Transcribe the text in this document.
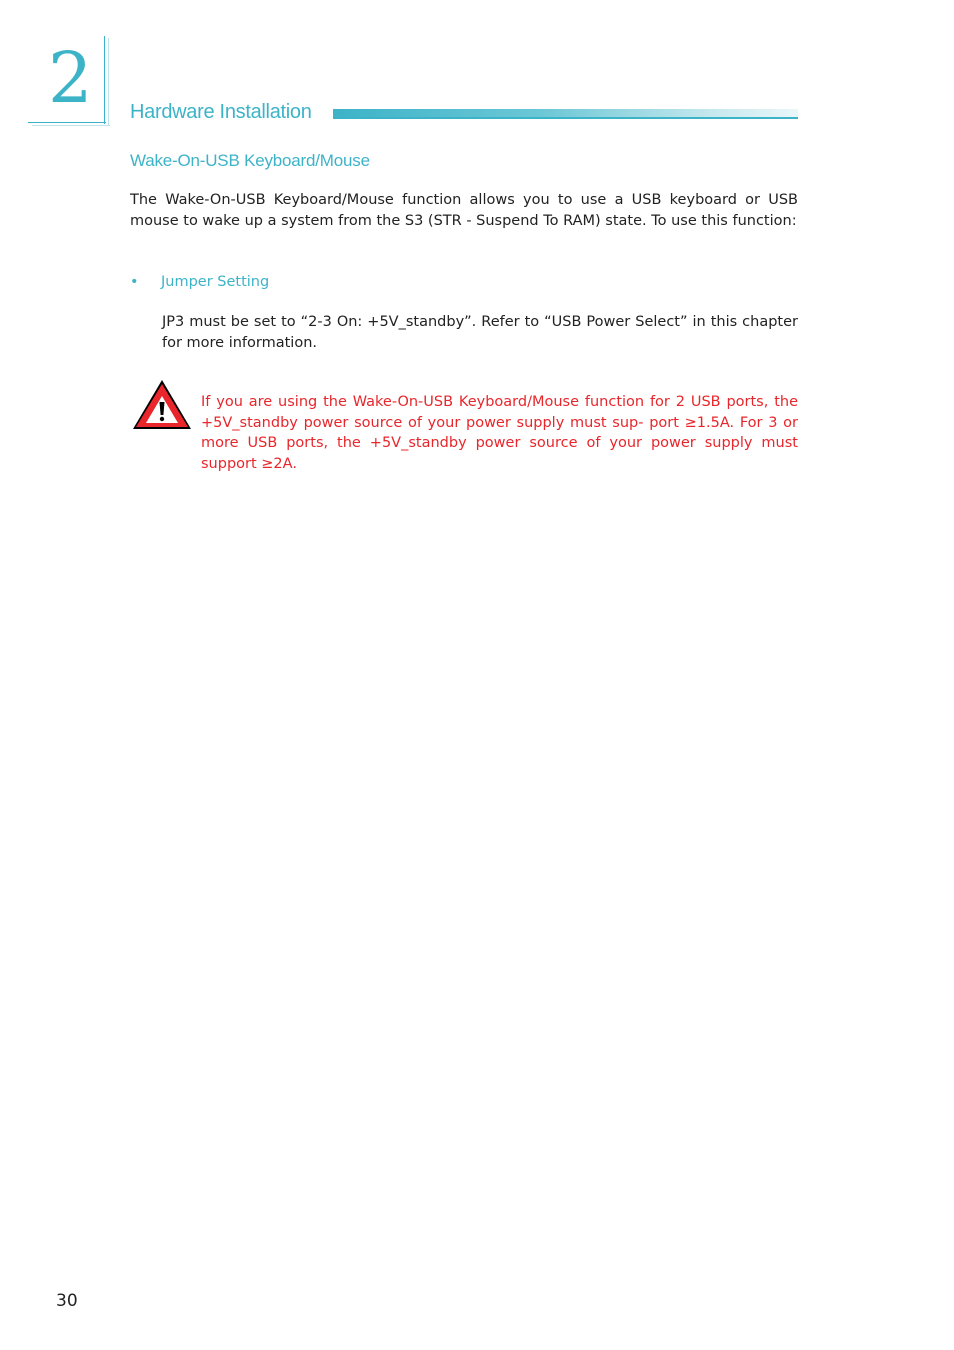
2 Hardware Installation
Wake-On-USB Keyboard/Mouse
The Wake-On-USB Keyboard/Mouse function allows you to use a USB keyboard or USB mouse to wake up a system from the S3 (STR - Suspend To RAM) state. To use this function:
• Jumper Setting
JP3 must be set to “2-3 On: +5V_standby”. Refer to “USB Power Select” in this chapter for more information.
If you are using the Wake-On-USB Keyboard/Mouse function for 2 USB ports, the +5V_standby power source of your power supply must sup- port ≥1.5A. For 3 or more USB ports, the +5V_standby power source of your power supply must support ≥2A.
30
